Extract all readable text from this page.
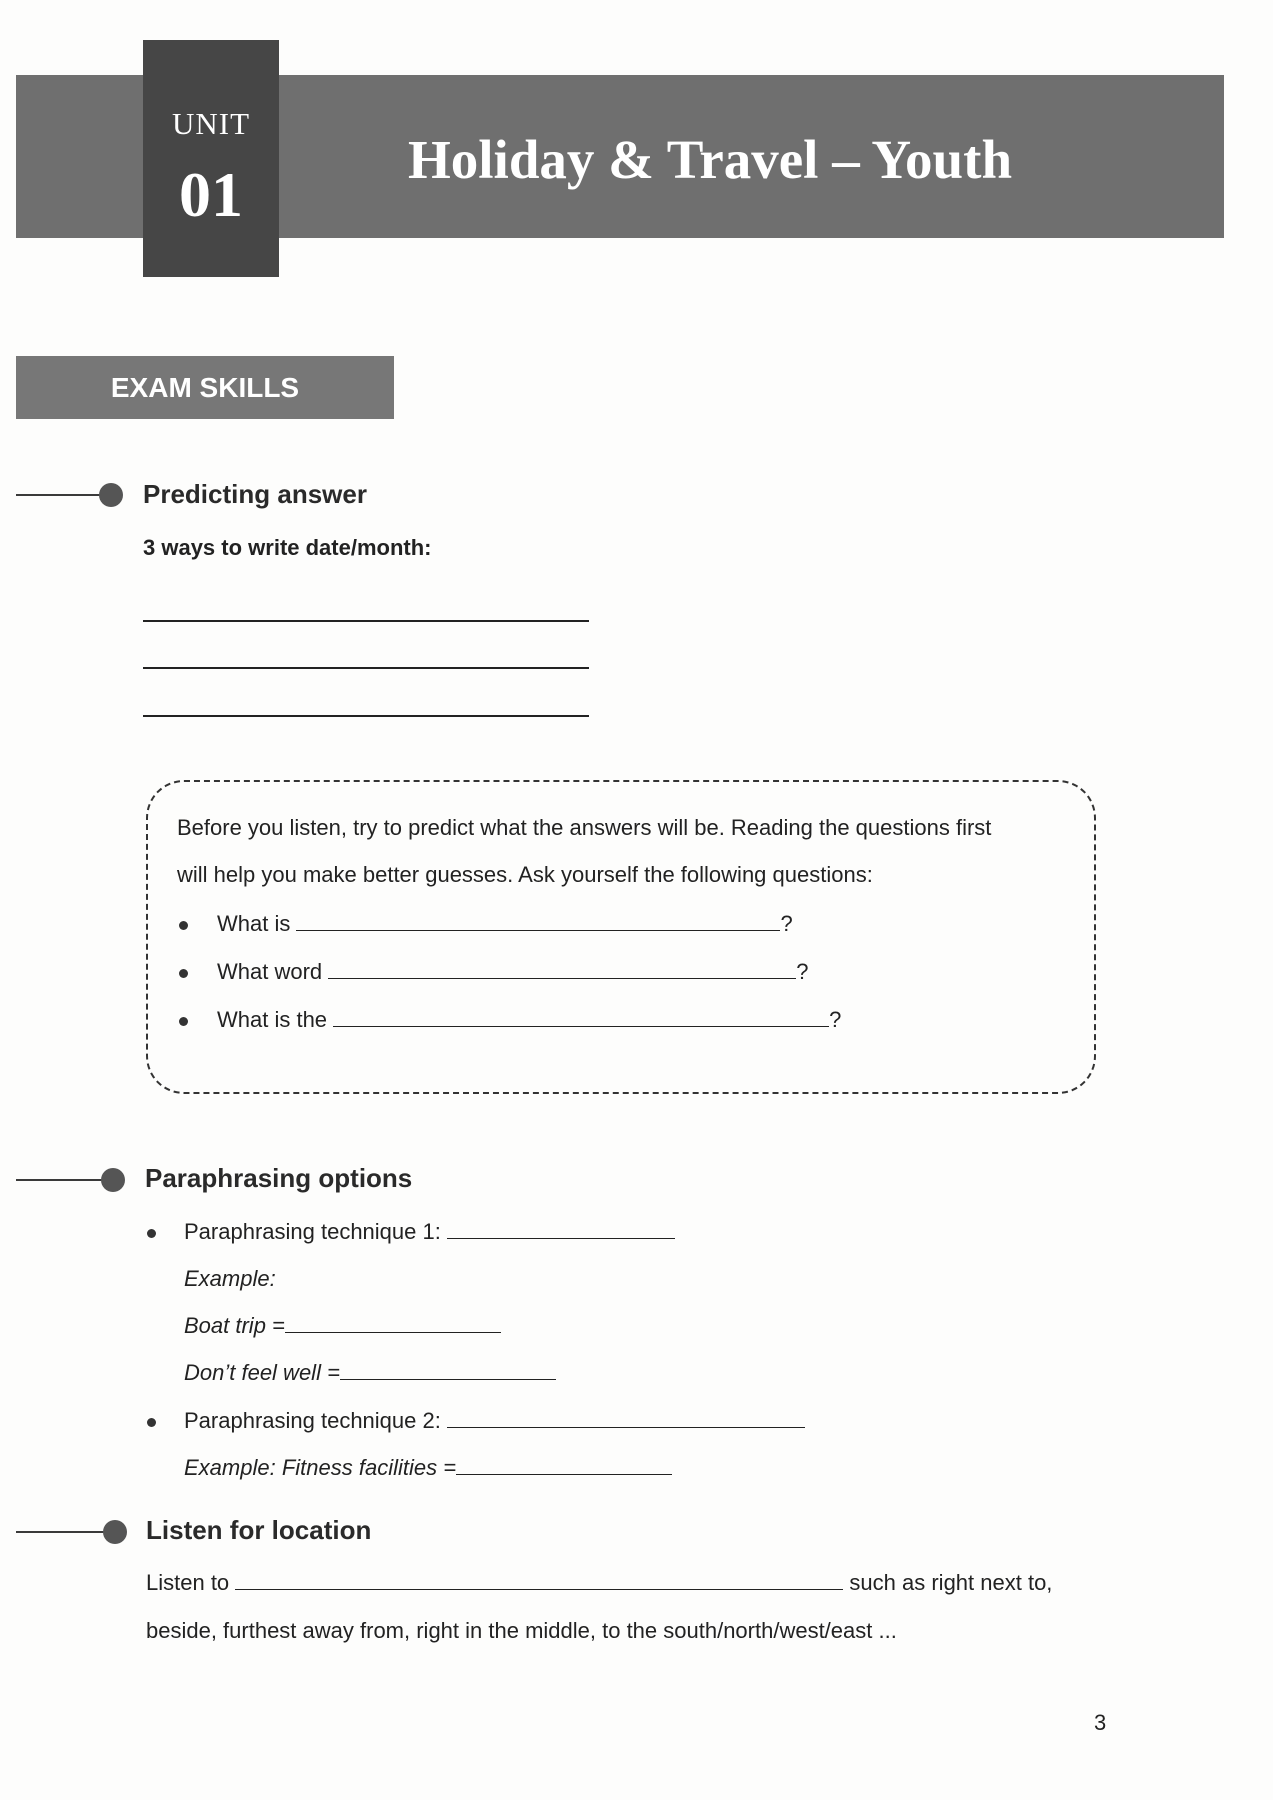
UNIT
01	Holiday & Travel – Youth
EXAM SKILLS
Predicting answer
3 ways to write date/month:
Before you listen, try to predict what the answers will be. Reading the questions first
will help you make better guesses. Ask yourself the following questions:
What is	?
What word	?
What is the	?
Paraphrasing options
Paraphrasing technique 1:
Example:
Boat trip =
Don’t feel well =
Paraphrasing technique 2:
Example: Fitness facilities =
Listen for location
Listen to	such as right next to,
beside, furthest away from, right in the middle, to the south/north/west/east ...
3
